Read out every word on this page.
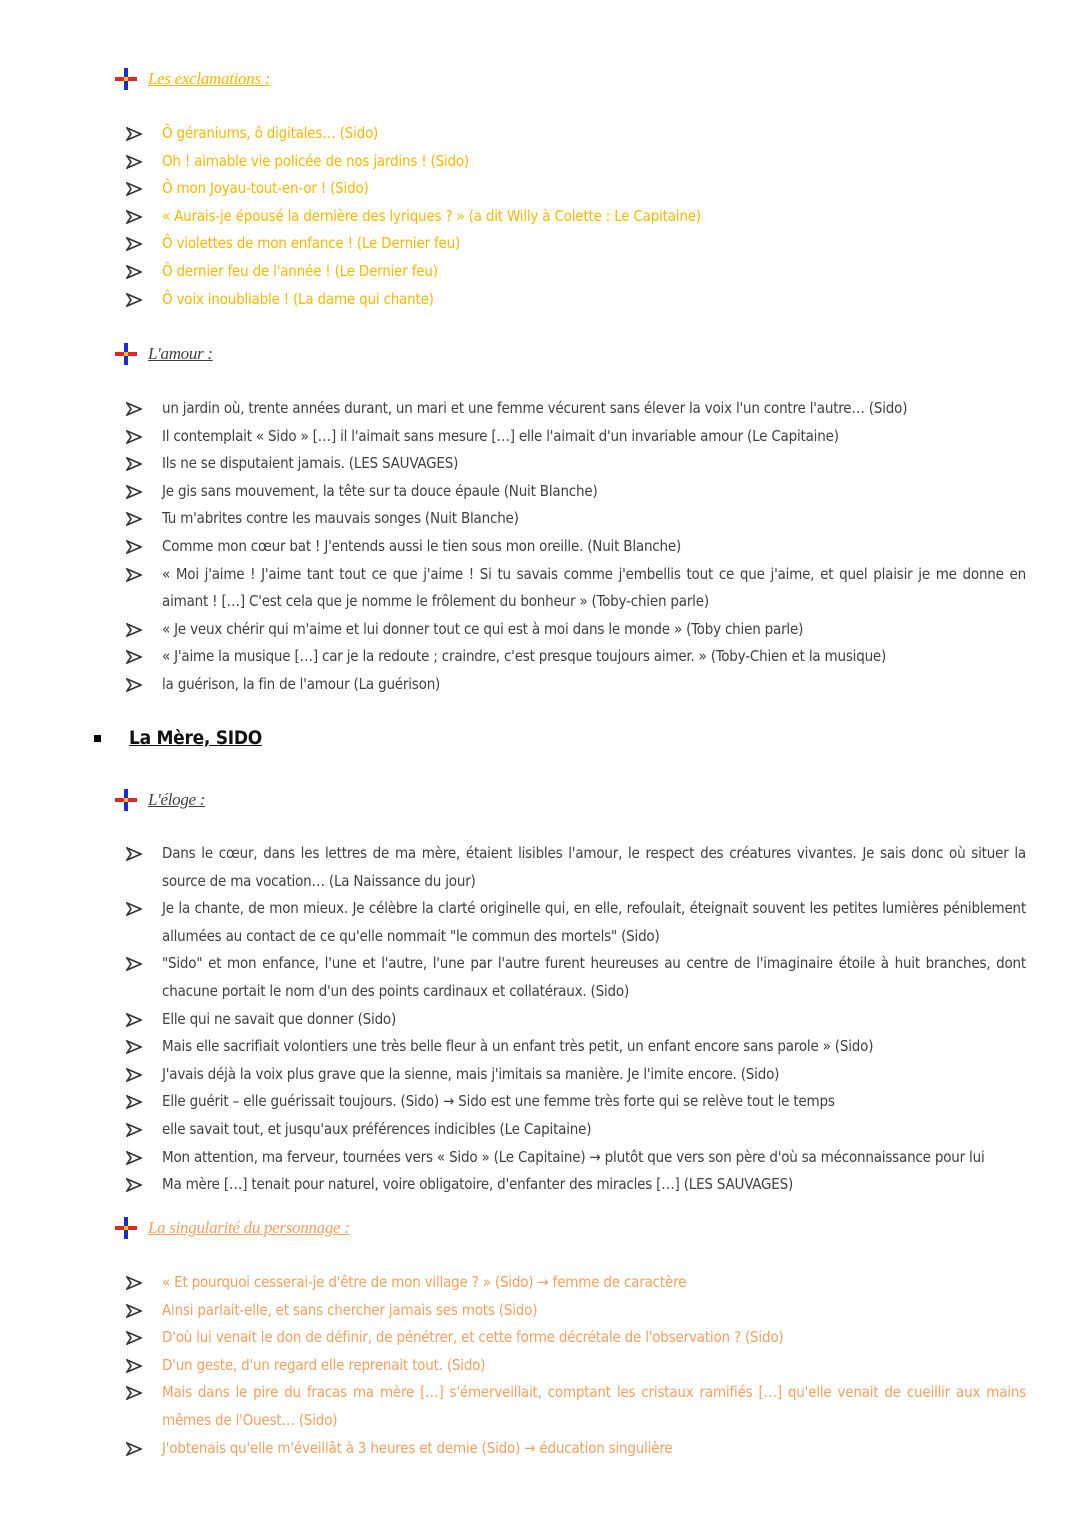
Les exclamations :
Ô géraniums, ô digitales… (Sido)
Oh ! aimable vie policée de nos jardins ! (Sido)
Ô mon Joyau-tout-en-or ! (Sido)
« Aurais-je épousé la dernière des lyriques ? » (a dit Willy à Colette : Le Capitaine)
Ô violettes de mon enfance ! (Le Dernier feu)
Ô dernier feu de l'année ! (Le Dernier feu)
Ô voix inoubliable ! (La dame qui chante)
L'amour :
un jardin où, trente années durant, un mari et une femme vécurent sans élever la voix l'un contre l'autre… (Sido)
Il contemplait « Sido » […] il l'aimait sans mesure […] elle l'aimait d'un invariable amour (Le Capitaine)
Ils ne se disputaient jamais. (LES SAUVAGES)
Je gis sans mouvement, la tête sur ta douce épaule (Nuit Blanche)
Tu m'abrites contre les mauvais songes (Nuit Blanche)
Comme mon cœur bat ! J'entends aussi le tien sous mon oreille. (Nuit Blanche)
« Moi j'aime ! J'aime tant tout ce que j'aime ! Si tu savais comme j'embellis tout ce que j'aime, et quel plaisir je me donne en aimant ! […] C'est cela que je nomme le frôlement du bonheur » (Toby-chien parle)
« Je veux chérir qui m'aime et lui donner tout ce qui est à moi dans le monde » (Toby chien parle)
« J'aime la musique […] car je la redoute ; craindre, c'est presque toujours aimer. » (Toby-Chien et la musique)
la guérison, la fin de l'amour (La guérison)
La Mère, SIDO
L'éloge :
Dans le cœur, dans les lettres de ma mère, étaient lisibles l'amour, le respect des créatures vivantes. Je sais donc où situer la source de ma vocation… (La Naissance du jour)
Je la chante, de mon mieux. Je célèbre la clarté originelle qui, en elle, refoulait, éteignait souvent les petites lumières péniblement allumées au contact de ce qu'elle nommait "le commun des mortels" (Sido)
"Sido" et mon enfance, l'une et l'autre, l'une par l'autre furent heureuses au centre de l'imaginaire étoile à huit branches, dont chacune portait le nom d'un des points cardinaux et collatéraux. (Sido)
Elle qui ne savait que donner (Sido)
Mais elle sacrifiait volontiers une très belle fleur à un enfant très petit, un enfant encore sans parole » (Sido)
J'avais déjà la voix plus grave que la sienne, mais j'imitais sa manière. Je l'imite encore. (Sido)
Elle guérit – elle guérissait toujours. (Sido) → Sido est une femme très forte qui se relève tout le temps
elle savait tout, et jusqu'aux préférences indicibles (Le Capitaine)
Mon attention, ma ferveur, tournées vers « Sido » (Le Capitaine) → plutôt que vers son père d'où sa méconnaissance pour lui
Ma mère […] tenait pour naturel, voire obligatoire, d'enfanter des miracles […] (LES SAUVAGES)
La singularité du personnage :
« Et pourquoi cesserai-je d'être de mon village ? » (Sido) → femme de caractère
Ainsi parlait-elle, et sans chercher jamais ses mots (Sido)
D'où lui venait le don de définir, de pénétrer, et cette forme décrétale de l'observation ? (Sido)
D'un geste, d'un regard elle reprenait tout. (Sido)
Mais dans le pire du fracas ma mère […] s'émerveillait, comptant les cristaux ramifiés […] qu'elle venait de cueillir aux mains mêmes de l'Ouest… (Sido)
J'obtenais qu'elle m'éveillât à 3 heures et demie (Sido) → éducation singulière
